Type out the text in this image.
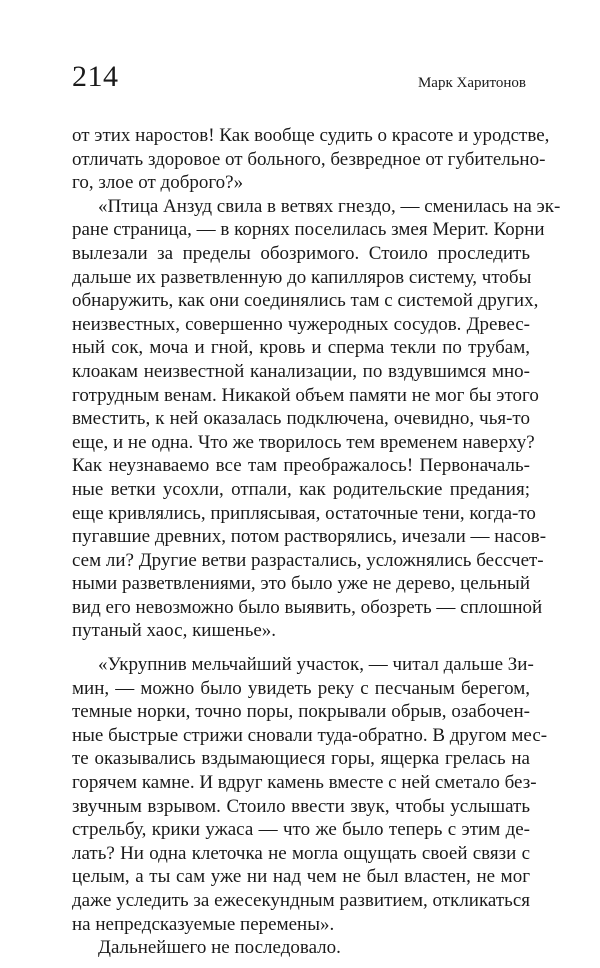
214	Марк Харитонов
от этих наростов! Как вообще судить о красоте и уродстве,
отличать здоровое от больного, безвредное от губительно-
го, злое от доброго?»
«Птица Анзуд свила в ветвях гнездо, — сменилась на эк-
ране страница, — в корнях поселилась змея Мерит. Корни
вылезали за пределы обозримого. Стоило проследить
дальше их разветвленную до капилляров систему, чтобы
обнаружить, как они соединялись там с системой других,
неизвестных, совершенно чужеродных сосудов. Древес-
ный сок, моча и гной, кровь и сперма текли по трубам,
клоакам неизвестной канализации, по вздувшимся мно-
готрудным венам. Никакой объем памяти не мог бы этого
вместить, к ней оказалась подключена, очевидно, чья-то
еще, и не одна. Что же творилось тем временем наверху?
Как неузнаваемо все там преображалось! Первоначаль-
ные ветки усохли, отпали, как родительские предания;
еще кривлялись, приплясывая, остаточные тени, когда-то
пугавшие древних, потом растворялись, ичезали — насов-
сем ли? Другие ветви разрастались, усложнялись бессчет-
ными разветвлениями, это было уже не дерево, цельный
вид его невозможно было выявить, обозреть — сплошной
путаный хаос, кишенье».
«Укрупнив мельчайший участок, — читал дальше Зи-
мин, — можно было увидеть реку с песчаным берегом,
темные норки, точно поры, покрывали обрыв, озабочен-
ные быстрые стрижи сновали туда-обратно. В другом мес-
те оказывались вздымающиеся горы, ящерка грелась на
горячем камне. И вдруг камень вместе с ней сметало без-
звучным взрывом. Стоило ввести звук, чтобы услышать
стрельбу, крики ужаса — что же было теперь с этим де-
лать? Ни одна клеточка не могла ощущать своей связи с
целым, а ты сам уже ни над чем не был властен, не мог
даже уследить за ежесекундным развитием, откликаться
на непредсказуемые перемены».
Дальнейшего не последовало.
